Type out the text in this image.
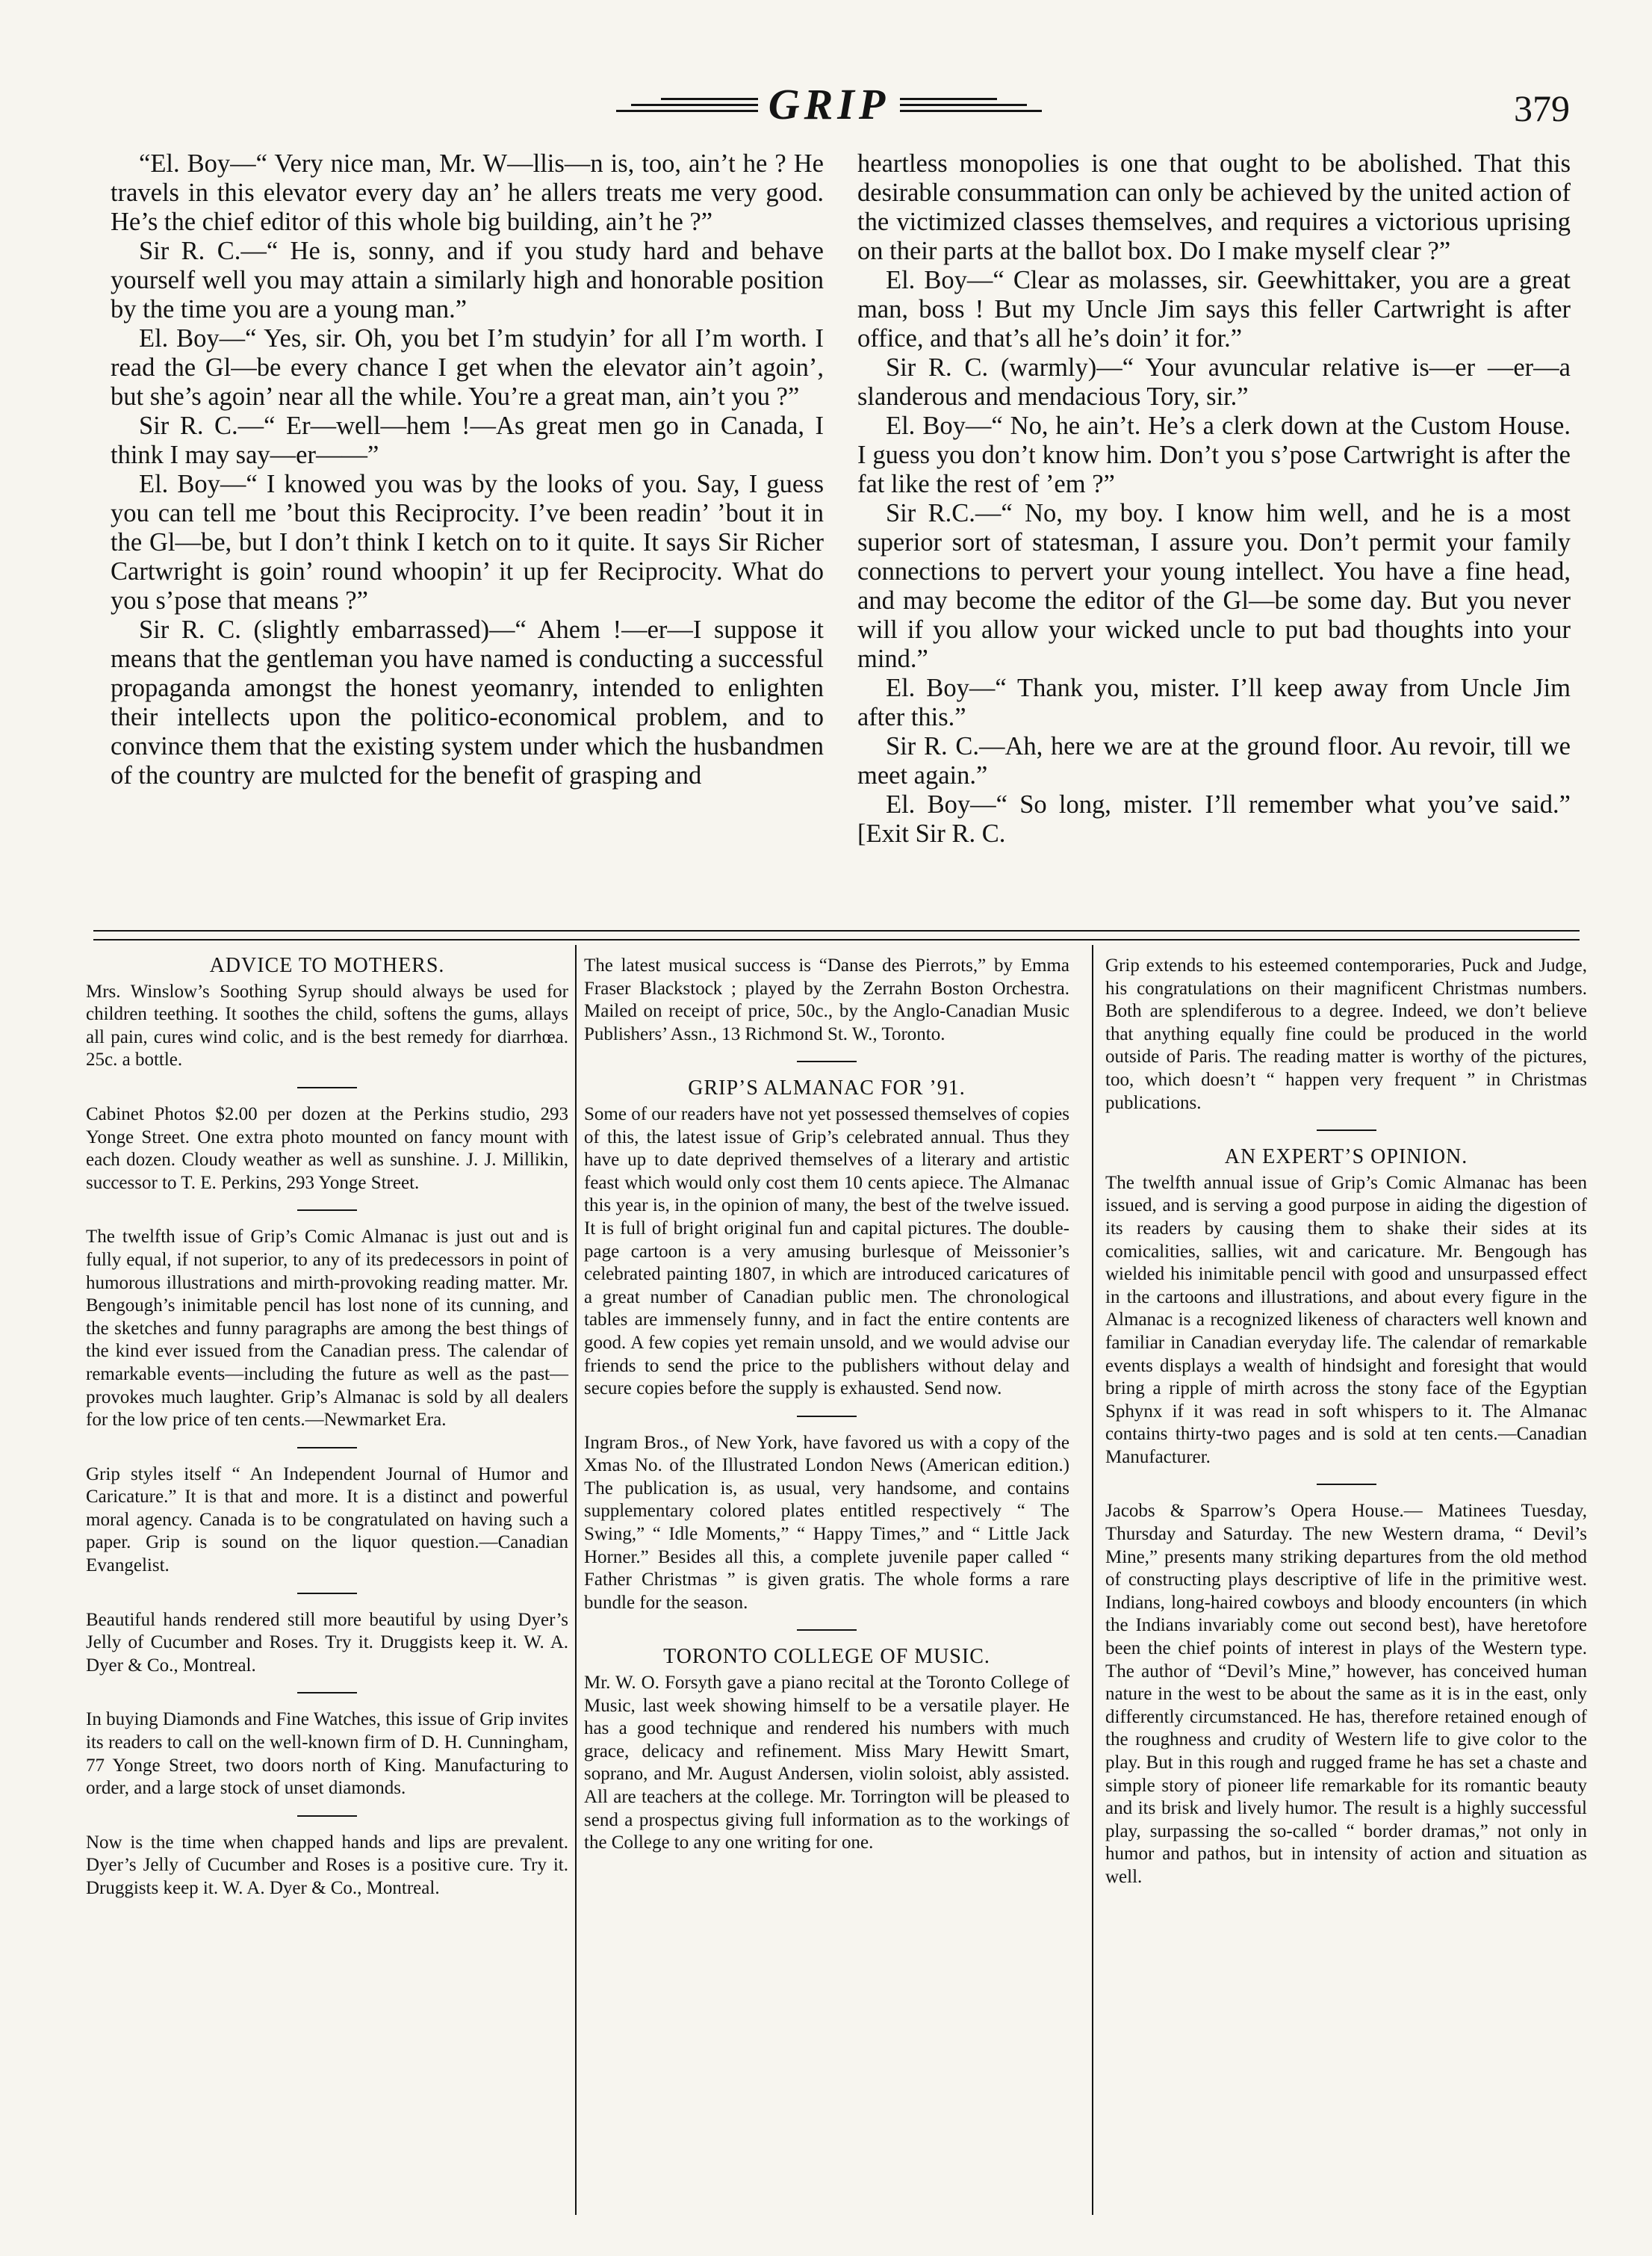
GRIP	379

“El. Boy—“ Very nice man, Mr. W—llis—n is, too, ain’t he ? He travels in this elevator every day an’ he allers treats me very good. He’s the chief editor of this whole big building, ain’t he ?”

Sir R. C.—“ He is, sonny, and if you study hard and behave yourself well you may attain a similarly high and honorable position by the time you are a young man.”

El. Boy—“ Yes, sir. Oh, you bet I’m studyin’ for all I’m worth. I read the Gl—be every chance I get when the elevator ain’t agoin’, but she’s agoin’ near all the while. You’re a great man, ain’t you ?”

Sir R. C.—“ Er—well—hem !—As great men go in Canada, I think I may say—er——”

El. Boy—“ I knowed you was by the looks of you. Say, I guess you can tell me ’bout this Reciprocity. I’ve been readin’ ’bout it in the Gl—be, but I don’t think I ketch on to it quite. It says Sir Richer Cartwright is goin’ round whoopin’ it up fer Reciprocity. What do you s’pose that means ?”

Sir R. C. (slightly embarrassed)—“ Ahem !—er—I suppose it means that the gentleman you have named is conducting a successful propaganda amongst the honest yeomanry, intended to enlighten their intellects upon the politico-economical problem, and to convince them that the existing system under which the husbandmen of the country are mulcted for the benefit of grasping and

heartless monopolies is one that ought to be abolished. That this desirable consummation can only be achieved by the united action of the victimized classes themselves, and requires a victorious uprising on their parts at the ballot box. Do I make myself clear ?”

El. Boy—“ Clear as molasses, sir. Geewhittaker, you are a great man, boss ! But my Uncle Jim says this feller Cartwright is after office, and that’s all he’s doin’ it for.”

Sir R. C. (warmly)—“ Your avuncular relative is—er —er—a slanderous and mendacious Tory, sir.”

El. Boy—“ No, he ain’t. He’s a clerk down at the Custom House. I guess you don’t know him. Don’t you s’pose Cartwright is after the fat like the rest of ’em ?”

Sir R.C.—“ No, my boy. I know him well, and he is a most superior sort of statesman, I assure you. Don’t permit your family connections to pervert your young intellect. You have a fine head, and may become the editor of the Gl—be some day. But you never will if you allow your wicked uncle to put bad thoughts into your mind.”

El. Boy—“ Thank you, mister. I’ll keep away from Uncle Jim after this.”

Sir R. C.—Ah, here we are at the ground floor. Au revoir, till we meet again.”

El. Boy—“ So long, mister. I’ll remember what you’ve said.” [Exit Sir R. C.

ADVICE TO MOTHERS.

Mrs. Winslow’s Soothing Syrup should always be used for children teething. It soothes the child, softens the gums, allays all pain, cures wind colic, and is the best remedy for diarrhœa. 25c. a bottle.

Cabinet Photos $2.00 per dozen at the Perkins studio, 293 Yonge Street. One extra photo mounted on fancy mount with each dozen. Cloudy weather as well as sunshine. J. J. Millikin, successor to T. E. Perkins, 293 Yonge Street.

The twelfth issue of Grip’s Comic Almanac is just out and is fully equal, if not superior, to any of its predecessors in point of humorous illustrations and mirth-provoking reading matter. Mr. Bengough’s inimitable pencil has lost none of its cunning, and the sketches and funny paragraphs are among the best things of the kind ever issued from the Canadian press. The calendar of remarkable events—including the future as well as the past—provokes much laughter. Grip’s Almanac is sold by all dealers for the low price of ten cents.—Newmarket Era.

Grip styles itself “ An Independent Journal of Humor and Caricature.” It is that and more. It is a distinct and powerful moral agency. Canada is to be congratulated on having such a paper. Grip is sound on the liquor question.—Canadian Evangelist.

Beautiful hands rendered still more beautiful by using Dyer’s Jelly of Cucumber and Roses. Try it. Druggists keep it. W. A. Dyer & Co., Montreal.

In buying Diamonds and Fine Watches, this issue of Grip invites its readers to call on the well-known firm of D. H. Cunningham, 77 Yonge Street, two doors north of King. Manufacturing to order, and a large stock of unset diamonds.

Now is the time when chapped hands and lips are prevalent. Dyer’s Jelly of Cucumber and Roses is a positive cure. Try it. Druggists keep it. W. A. Dyer & Co., Montreal.

The latest musical success is “Danse des Pierrots,” by Emma Fraser Blackstock ; played by the Zerrahn Boston Orchestra. Mailed on receipt of price, 50c., by the Anglo-Canadian Music Publishers’ Assn., 13 Richmond St. W., Toronto.

GRIP’S ALMANAC FOR ’91.

Some of our readers have not yet possessed themselves of copies of this, the latest issue of Grip’s celebrated annual. Thus they have up to date deprived themselves of a literary and artistic feast which would only cost them 10 cents apiece. The Almanac this year is, in the opinion of many, the best of the twelve issued. It is full of bright original fun and capital pictures. The double-page cartoon is a very amusing burlesque of Meissonier’s celebrated painting 1807, in which are introduced caricatures of a great number of Canadian public men. The chronological tables are immensely funny, and in fact the entire contents are good. A few copies yet remain unsold, and we would advise our friends to send the price to the publishers without delay and secure copies before the supply is exhausted. Send now.

Ingram Bros., of New York, have favored us with a copy of the Xmas No. of the Illustrated London News (American edition.) The publication is, as usual, very handsome, and contains supplementary colored plates entitled respectively “ The Swing,” “ Idle Moments,” “ Happy Times,” and “ Little Jack Horner.” Besides all this, a complete juvenile paper called “ Father Christmas ” is given gratis. The whole forms a rare bundle for the season.

TORONTO COLLEGE OF MUSIC.

Mr. W. O. Forsyth gave a piano recital at the Toronto College of Music, last week showing himself to be a versatile player. He has a good technique and rendered his numbers with much grace, delicacy and refinement. Miss Mary Hewitt Smart, soprano, and Mr. August Andersen, violin soloist, ably assisted. All are teachers at the college. Mr. Torrington will be pleased to send a prospectus giving full information as to the workings of the College to any one writing for one.

Grip extends to his esteemed contemporaries, Puck and Judge, his congratulations on their magnificent Christmas numbers. Both are splendiferous to a degree. Indeed, we don’t believe that anything equally fine could be produced in the world outside of Paris. The reading matter is worthy of the pictures, too, which doesn’t “ happen very frequent ” in Christmas publications.

AN EXPERT’S OPINION.

The twelfth annual issue of Grip’s Comic Almanac has been issued, and is serving a good purpose in aiding the digestion of its readers by causing them to shake their sides at its comicalities, sallies, wit and caricature. Mr. Bengough has wielded his inimitable pencil with good and unsurpassed effect in the cartoons and illustrations, and about every figure in the Almanac is a recognized likeness of characters well known and familiar in Canadian everyday life. The calendar of remarkable events displays a wealth of hindsight and foresight that would bring a ripple of mirth across the stony face of the Egyptian Sphynx if it was read in soft whispers to it. The Almanac contains thirty-two pages and is sold at ten cents.—Canadian Manufacturer.

Jacobs & Sparrow’s Opera House.— Matinees Tuesday, Thursday and Saturday. The new Western drama, “ Devil’s Mine,” presents many striking departures from the old method of constructing plays descriptive of life in the primitive west. Indians, long-haired cowboys and bloody encounters (in which the Indians invariably come out second best), have heretofore been the chief points of interest in plays of the Western type. The author of “Devil’s Mine,” however, has conceived human nature in the west to be about the same as it is in the east, only differently circumstanced. He has, therefore retained enough of the roughness and crudity of Western life to give color to the play. But in this rough and rugged frame he has set a chaste and simple story of pioneer life remarkable for its romantic beauty and its brisk and lively humor. The result is a highly successful play, surpassing the so-called “ border dramas,” not only in humor and pathos, but in intensity of action and situation as well.
